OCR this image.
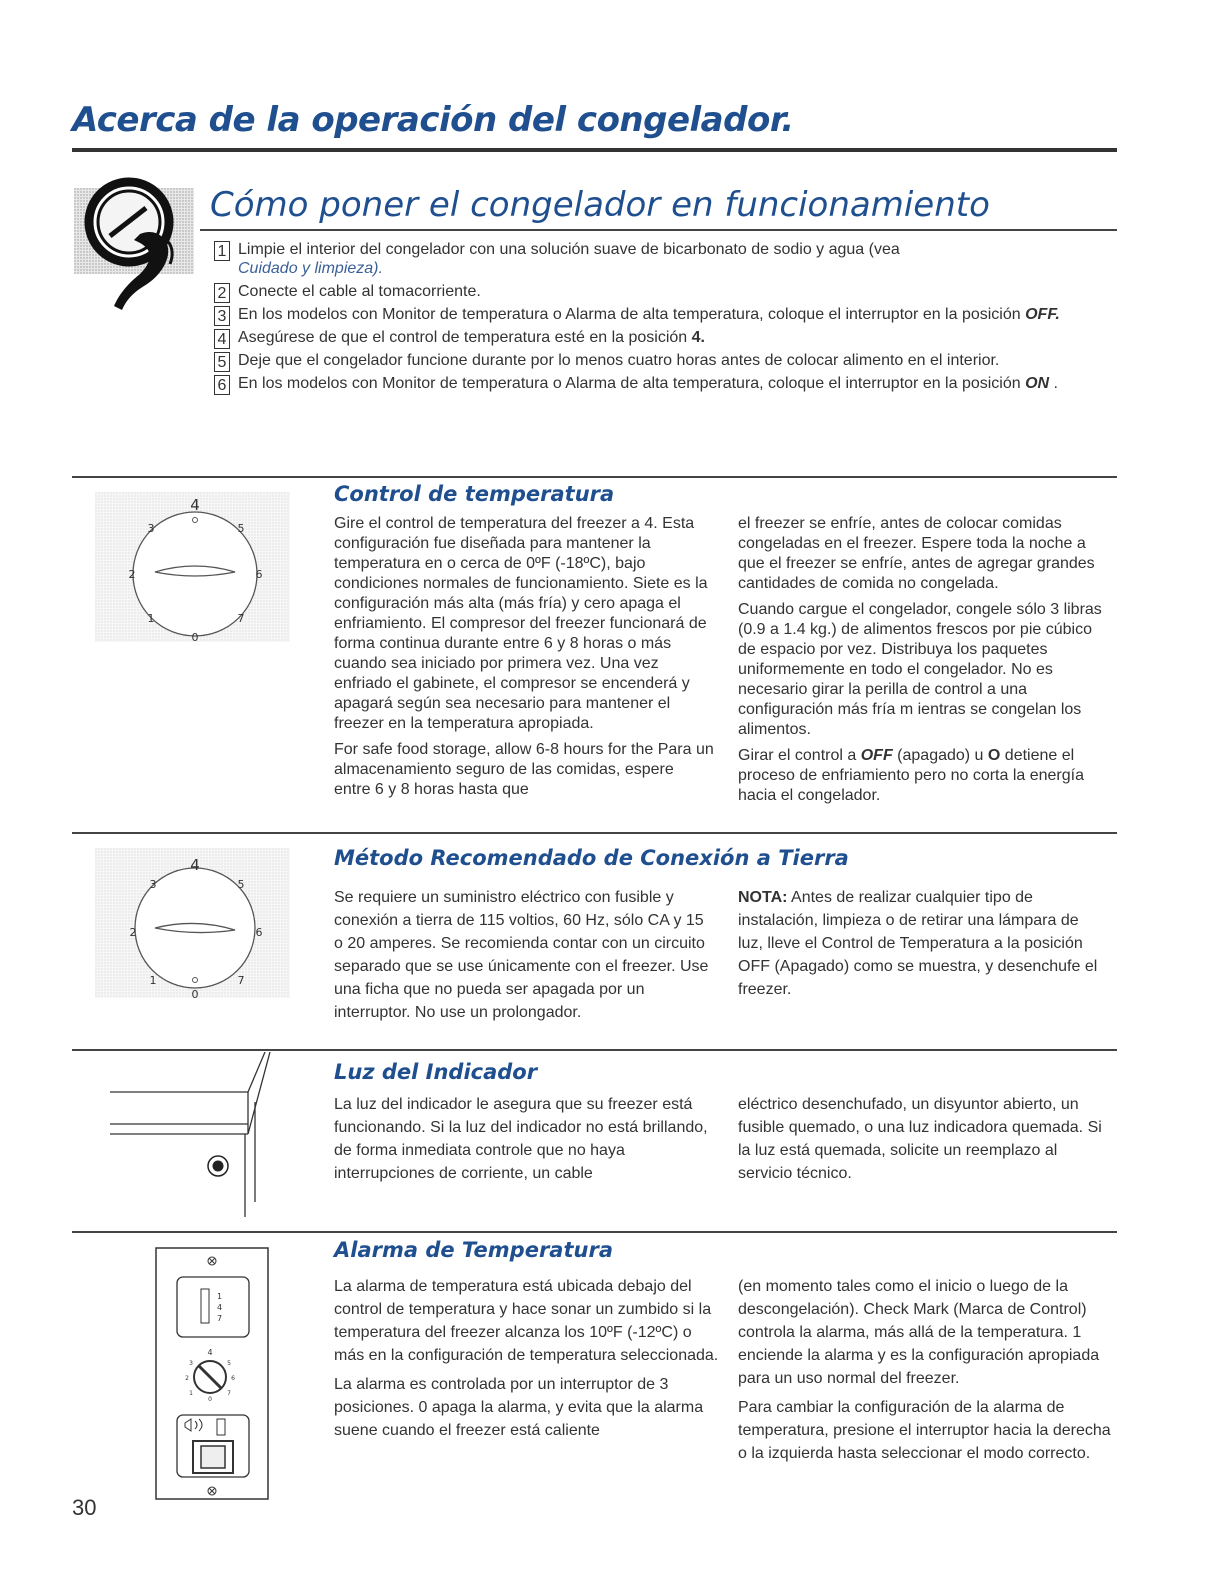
Acerca de la operación del congelador.
Cómo poner el congelador en funcionamiento
1 Limpie el interior del congelador con una solución suave de bicarbonato de sodio y agua (vea
Cuidado y limpieza).
2 Conecte el cable al tomacorriente.
3 En los modelos con Monitor de temperatura o Alarma de alta temperatura, coloque el interruptor en la posición OFF.
4 Asegúrese de que el control de temperatura esté en la posición 4.
5 Deje que el congelador funcione durante por lo menos cuatro horas antes de colocar alimento en el interior.
6 En los modelos con Monitor de temperatura o Alarma de alta temperatura, coloque el interruptor en la posición ON .
4
3	5
2	6
1	7
0
Control de temperatura

Gire el control de temperatura del freezer a 4. Esta configuración fue diseñada para mantener la temperatura en o cerca de 0ºF (-18ºC), bajo condiciones normales de funcionamiento. Siete es la configuración más alta (más fría) y cero apaga el enfriamiento. El compresor del freezer funcionará de forma continua durante entre 6 y 8 horas o más cuando sea iniciado por primera vez. Una vez enfriado el gabinete, el compresor se encenderá y apagará según sea necesario para mantener el freezer en la temperatura apropiada.

For safe food storage, allow 6-8 hours for the Para un almacenamiento seguro de las comidas, espere entre 6 y 8 horas hasta que

el freezer se enfríe, antes de colocar comidas congeladas en el freezer. Espere toda la noche a que el freezer se enfríe, antes de agregar grandes cantidades de comida no congelada.

Cuando cargue el congelador, congele sólo 3 libras (0.9 a 1.4 kg.) de alimentos frescos por pie cúbico de espacio por vez. Distribuya los paquetes uniformemente en todo el congelador. No es necesario girar la perilla de control a una configuración más fría m ientras se congelan los alimentos.

Girar el control a OFF (apagado) u O detiene el proceso de enfriamiento pero no corta la energía hacia el congelador.

4
3	5
2	6
1	7
0
Método Recomendado de Conexión a Tierra

Se requiere un suministro eléctrico con fusible y conexión a tierra de 115 voltios, 60 Hz, sólo CA y 15 o 20 amperes. Se recomienda contar con un circuito separado que se use únicamente con el freezer. Use una ficha que no pueda ser apagada por un interruptor. No use un prolongador.

NOTA: Antes de realizar cualquier tipo de instalación, limpieza o de retirar una lámpara de luz, lleve el Control de Temperatura a la posición OFF (Apagado) como se muestra, y desenchufe el freezer.

Luz del Indicador

La luz del indicador le asegura que su freezer está funcionando. Si la luz del indicador no está brillando, de forma inmediata controle que no haya interrupciones de corriente, un cable

eléctrico desenchufado, un disyuntor abierto, un fusible quemado, o una luz indicadora quemada. Si la luz está quemada, solicite un reemplazo al servicio técnico.

1
4
7
4
3	5
2	6
1	7
0
Alarma de Temperatura

La alarma de temperatura está ubicada debajo del control de temperatura y hace sonar un zumbido si la temperatura del freezer alcanza los 10ºF (-12ºC) o más en la configuración de temperatura seleccionada.

La alarma es controlada por un interruptor de 3 posiciones. 0 apaga la alarma, y evita que la alarma suene cuando el freezer está caliente

(en momento tales como el inicio o luego de la descongelación). Check Mark (Marca de Control) controla la alarma, más allá de la temperatura. 1 enciende la alarma y es la configuración apropiada para un uso normal del freezer.

Para cambiar la configuración de la alarma de temperatura, presione el interruptor hacia la derecha o la izquierda hasta seleccionar el modo correcto.

30
